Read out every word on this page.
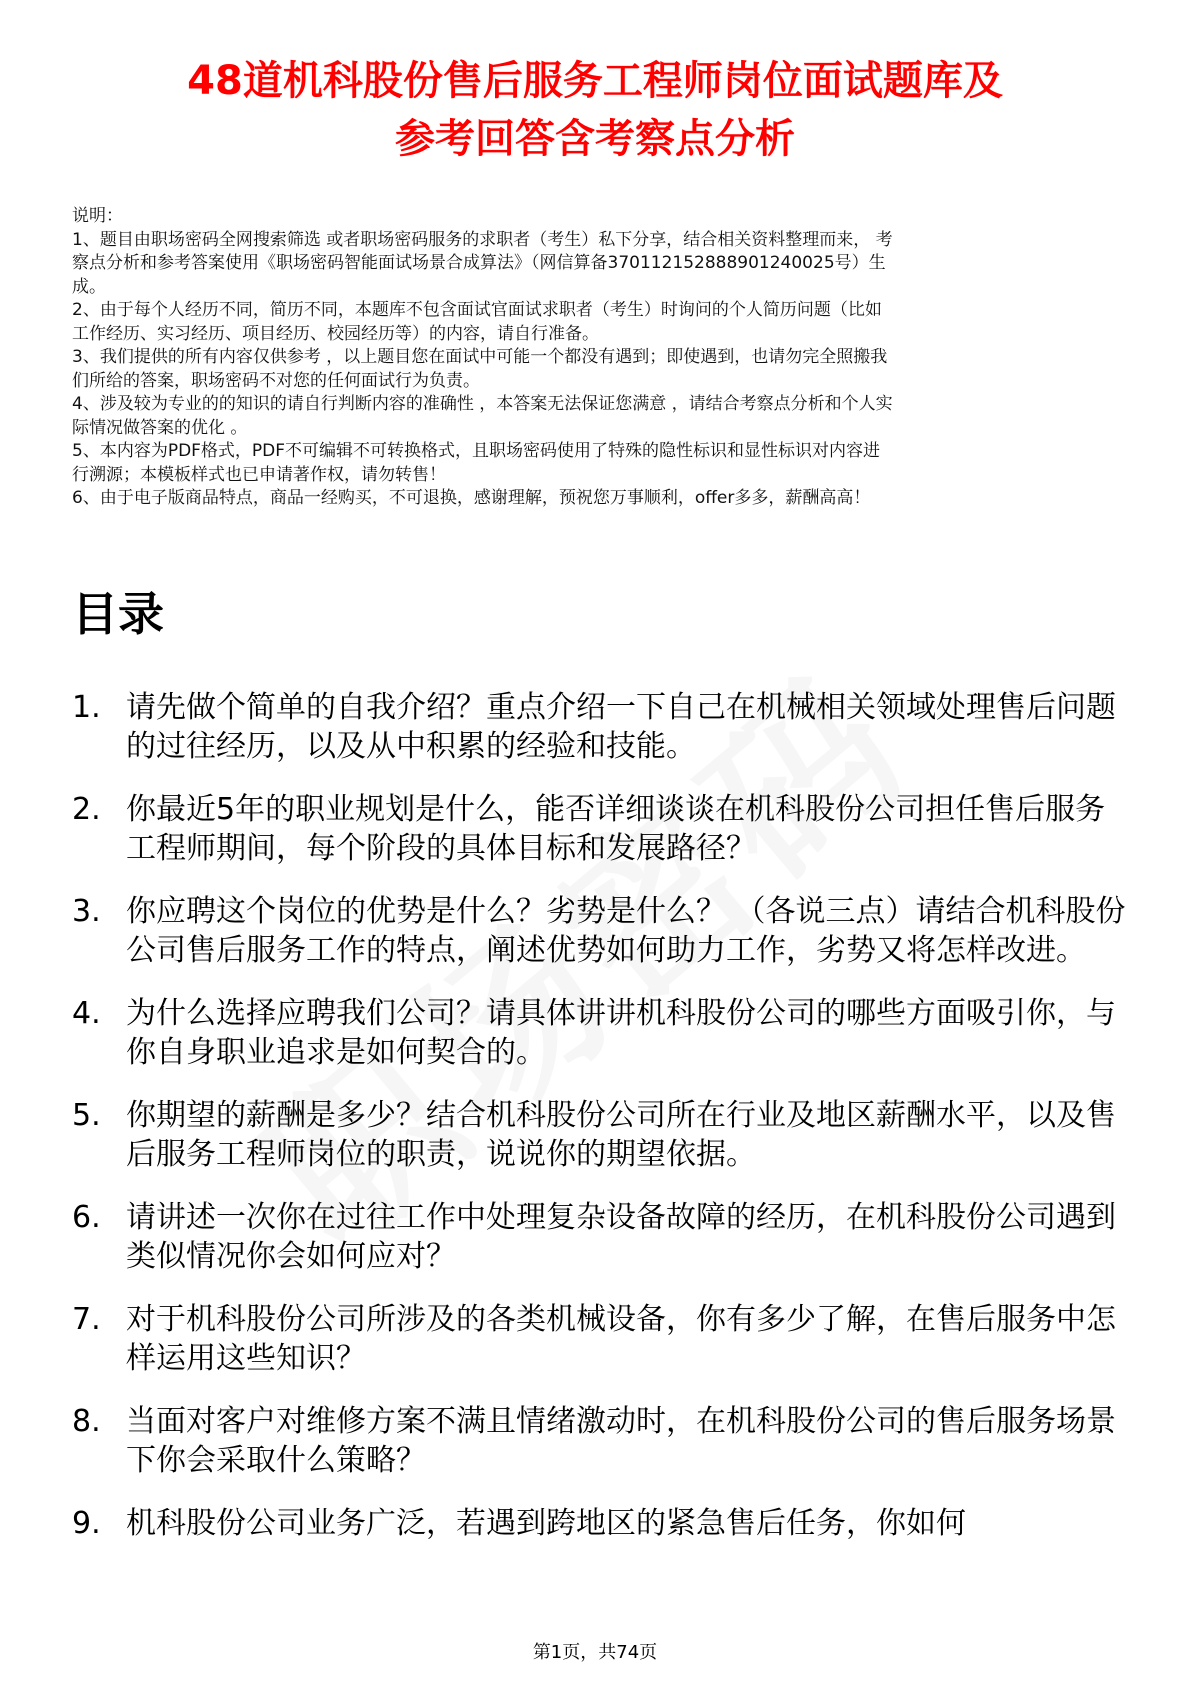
48道机科股份售后服务工程师岗位面试题库及
参考回答含考察点分析

说明：

1、题目由职场密码全网搜索筛选 或者职场密码服务的求职者（考生）私下分享，结合相关资料整理而来， 考
察点分析和参考答案使用《职场密码智能面试场景合成算法》（网信算备370112152888901240025号）生
成。

2、由于每个人经历不同，简历不同，本题库不包含面试官面试求职者（考生）时询问的个人简历问题（比如
工作经历、实习经历、项目经历、校园经历等）的内容，请自行准备。

3、我们提供的所有内容仅供参考 ，以上题目您在面试中可能一个都没有遇到；即使遇到，也请勿完全照搬我
们所给的答案，职场密码不对您的任何面试行为负责。

4、涉及较为专业的的知识的请自行判断内容的准确性 ，本答案无法保证您满意 ，请结合考察点分析和个人实
际情况做答案的优化 。

5、本内容为PDF格式，PDF不可编辑不可转换格式，且职场密码使用了特殊的隐性标识和显性标识对内容进
行溯源；本模板样式也已申请著作权，请勿转售！

6、由于电子版商品特点，商品一经购买，不可退换，感谢理解，预祝您万事顺利，offer多多，薪酬高高！

目录
1. 请先做个简单的自我介绍？重点介绍一下自己在机械相关领域处理售后问题的过往经历，以及从中积累的经验和技能。
2. 你最近5年的职业规划是什么，能否详细谈谈在机科股份公司担任售后服务工程师期间，每个阶段的具体目标和发展路径？
3. 你应聘这个岗位的优势是什么？劣势是什么？ （各说三点）请结合机科股份公司售后服务工作的特点，阐述优势如何助力工作，劣势又将怎样改进。
4. 为什么选择应聘我们公司？请具体讲讲机科股份公司的哪些方面吸引你，与你自身职业追求是如何契合的。
5. 你期望的薪酬是多少？结合机科股份公司所在行业及地区薪酬水平，以及售后服务工程师岗位的职责，说说你的期望依据。
6. 请讲述一次你在过往工作中处理复杂设备故障的经历，在机科股份公司遇到类似情况你会如何应对？
7. 对于机科股份公司所涉及的各类机械设备，你有多少了解，在售后服务中怎样运用这些知识？
8. 当面对客户对维修方案不满且情绪激动时，在机科股份公司的售后服务场景下你会采取什么策略？
9. 机科股份公司业务广泛，若遇到跨地区的紧急售后任务，你如何
第1页，共74页
